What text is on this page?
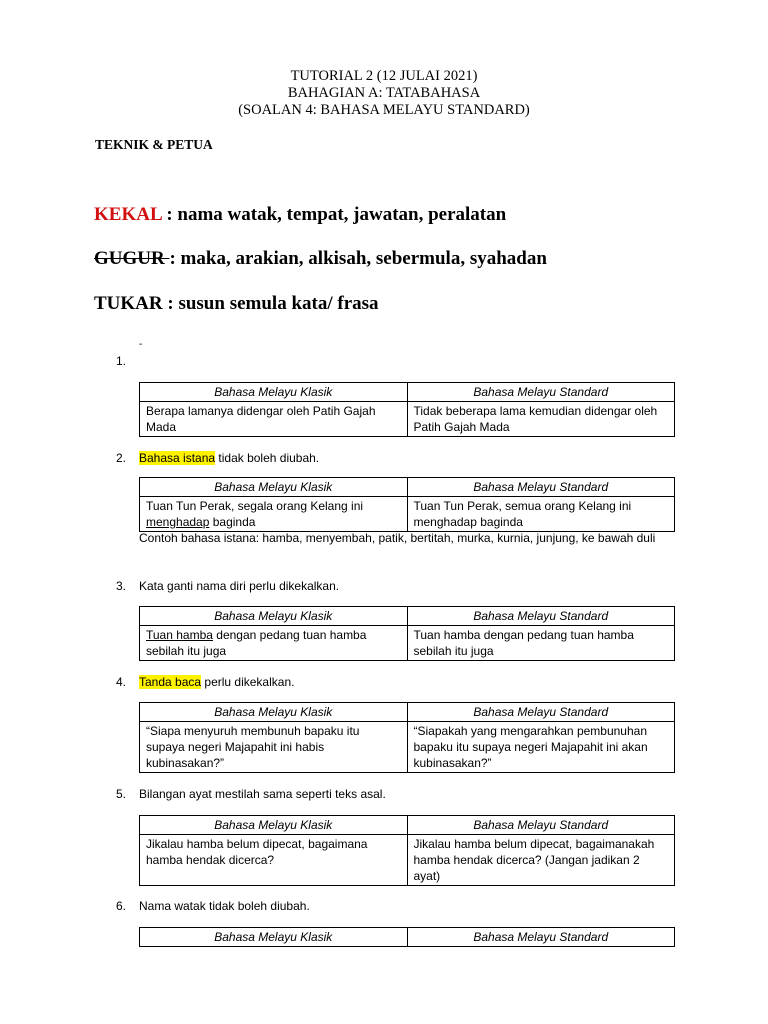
TUTORIAL 2 (12 JULAI 2021)
BAHAGIAN A: TATABAHASA
(SOALAN 4: BAHASA MELAYU STANDARD)
TEKNIK & PETUA
KEKAL : nama watak, tempat, jawatan, peralatan
GUGUR : maka, arakian, alkisah, sebermula, syahadan
TUKAR : susun semula kata/ frasa
-
1.
Bahasa Melayu Klasik	Bahasa Melayu Standard
Berapa lamanya didengar oleh Patih Gajah Mada	Tidak beberapa lama kemudian didengar oleh Patih Gajah Mada
2. Bahasa istana tidak boleh diubah.
Bahasa Melayu Klasik	Bahasa Melayu Standard
Tuan Tun Perak, segala orang Kelang ini menghadap baginda	Tuan Tun Perak, semua orang Kelang ini menghadap baginda
Contoh bahasa istana: hamba, menyembah, patik, bertitah, murka, kurnia, junjung, ke bawah duli
3. Kata ganti nama diri perlu dikekalkan.
Bahasa Melayu Klasik	Bahasa Melayu Standard
Tuan hamba dengan pedang tuan hamba sebilah itu juga	Tuan hamba dengan pedang tuan hamba sebilah itu juga
4. Tanda baca perlu dikekalkan.
Bahasa Melayu Klasik	Bahasa Melayu Standard
“Siapa menyuruh membunuh bapaku itu supaya negeri Majapahit ini habis kubinasakan?”	“Siapakah yang mengarahkan pembunuhan bapaku itu supaya negeri Majapahit ini akan kubinasakan?”
5. Bilangan ayat mestilah sama seperti teks asal.
Bahasa Melayu Klasik	Bahasa Melayu Standard
Jikalau hamba belum dipecat, bagaimana hamba hendak dicerca?	Jikalau hamba belum dipecat, bagaimanakah hamba hendak dicerca? (Jangan jadikan 2 ayat)
6. Nama watak tidak boleh diubah.
Bahasa Melayu Klasik	Bahasa Melayu Standard
